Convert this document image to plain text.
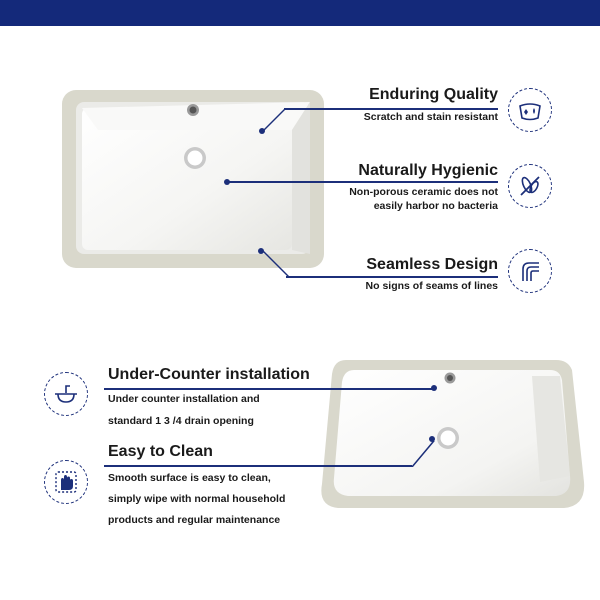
Enduring Quality
Scratch and stain resistant
Naturally Hygienic
Non-porous ceramic does not
easily harbor no bacteria
Seamless Design
No signs of seams of lines
Under-Counter installation
Under counter installation and
standard 1 3 /4 drain opening
Easy to Clean
Smooth surface is easy to clean,
simply wipe with normal household
products and regular maintenance
